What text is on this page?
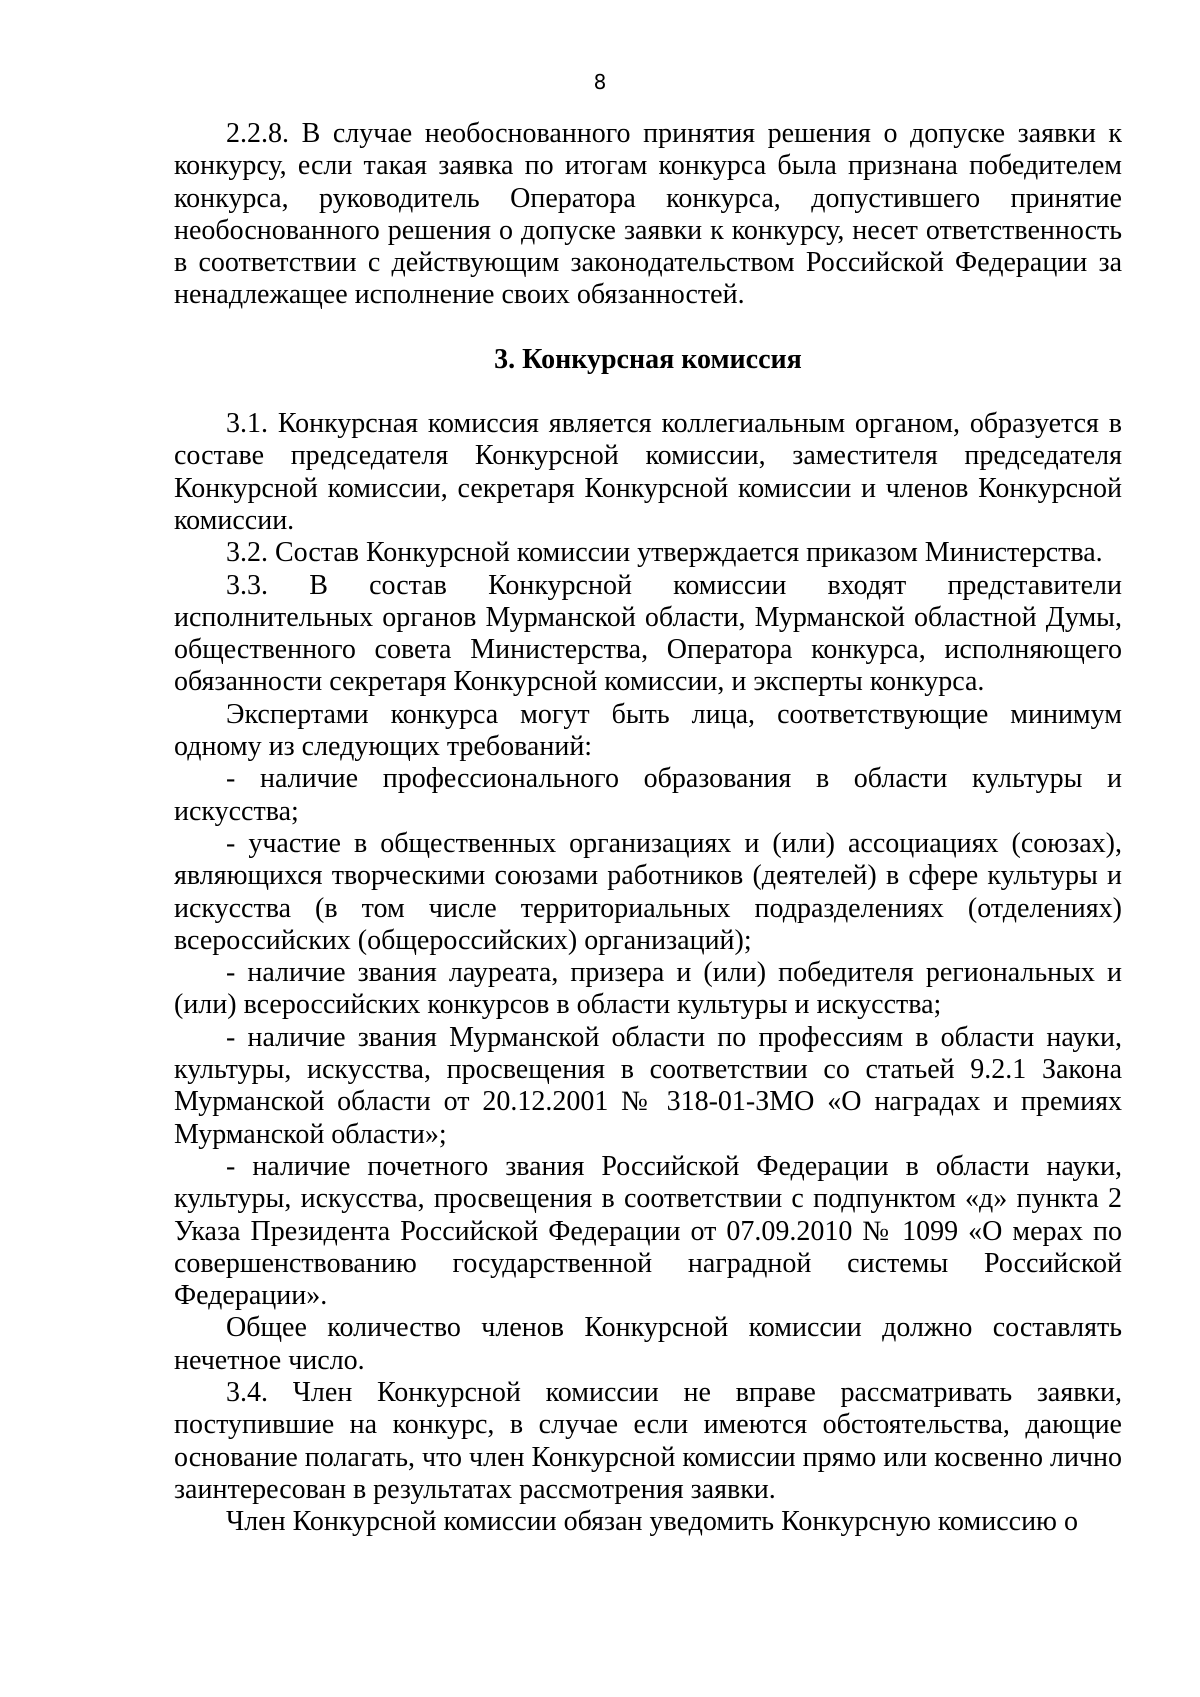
8

2.2.8. В случае необоснованного принятия решения о допуске заявки к конкурсу, если такая заявка по итогам конкурса была признана победителем конкурса, руководитель Оператора конкурса, допустившего принятие необоснованного решения о допуске заявки к конкурсу, несет ответственность в соответствии с действующим законодательством Российской Федерации за ненадлежащее исполнение своих обязанностей.

3. Конкурсная комиссия

3.1. Конкурсная комиссия является коллегиальным органом, образуется в составе председателя Конкурсной комиссии, заместителя председателя Конкурсной комиссии, секретаря Конкурсной комиссии и членов Конкурсной комиссии.

3.2. Состав Конкурсной комиссии утверждается приказом Министерства.

3.3. В состав Конкурсной комиссии входят представители исполнительных органов Мурманской области, Мурманской областной Думы, общественного совета Министерства, Оператора конкурса, исполняющего обязанности секретаря Конкурсной комиссии, и эксперты конкурса.

Экспертами конкурса могут быть лица, соответствующие минимум одному из следующих требований:

- наличие профессионального образования в области культуры и искусства;

- участие в общественных организациях и (или) ассоциациях (союзах), являющихся творческими союзами работников (деятелей) в сфере культуры и искусства (в том числе территориальных подразделениях (отделениях) всероссийских (общероссийских) организаций);

- наличие звания лауреата, призера и (или) победителя региональных и (или) всероссийских конкурсов в области культуры и искусства;

- наличие звания Мурманской области по профессиям в области науки, культуры, искусства, просвещения в соответствии со статьей 9.2.1 Закона Мурманской области от 20.12.2001 № 318-01-ЗМО «О наградах и премиях Мурманской области»;

- наличие почетного звания Российской Федерации в области науки, культуры, искусства, просвещения в соответствии с подпунктом «д» пункта 2 Указа Президента Российской Федерации от 07.09.2010 № 1099 «О мерах по совершенствованию государственной наградной системы Российской Федерации».

Общее количество членов Конкурсной комиссии должно составлять нечетное число.

3.4. Член Конкурсной комиссии не вправе рассматривать заявки, поступившие на конкурс, в случае если имеются обстоятельства, дающие основание полагать, что член Конкурсной комиссии прямо или косвенно лично заинтересован в результатах рассмотрения заявки.

Член Конкурсной комиссии обязан уведомить Конкурсную комиссию о
